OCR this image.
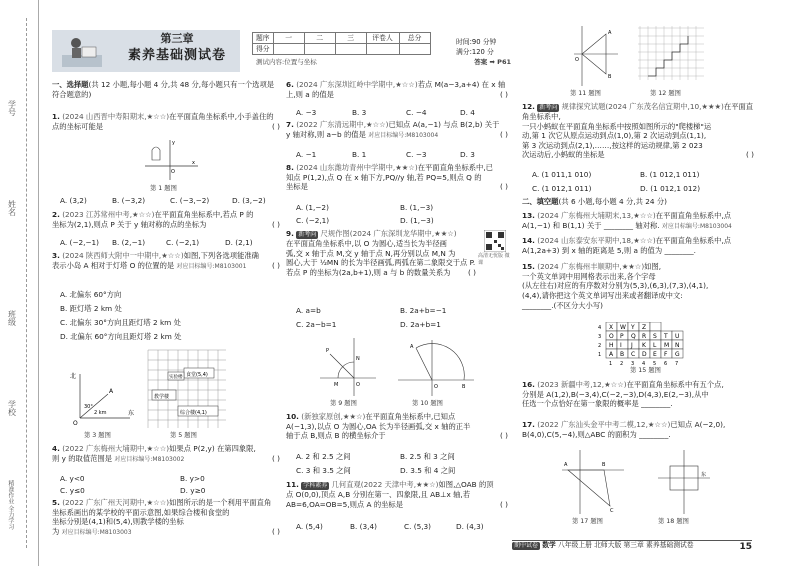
学号
姓名
班级
学校
精准作业 全力学习
第三章
素养基础测试卷
题序	一	二	三	评卷人	总分
得分					
时间:90 分钟
满分:120 分
测试内容:位置与坐标	答案 ➡ P61
一、选择题(共 12 小题,每小题 4 分,共 48 分,每小题只有一个选项是符合题意的)
1. (2024 山西晋中寿阳期末,★☆☆)在平面直角坐标系中,小手盖住的点的坐标可能是	( )
x
y
O
第 1 题图
A. (3,2)	B. (−3,2)	C. (−3,−2)	D. (3,−2)
2. (2023 江苏常州中考,★☆☆)在平面直角坐标系中,若点 P 的
坐标为(2,1),则点 P 关于 y 轴对称的点的坐标为	( )
A. (−2,−1) B. (2,−1)	C. (−2,1)	D. (2,1)
3. (2024 陕西师大附中一中期中,★☆☆)如图,下列各选项能准确
表示小岛 A 相对于灯塔 O 的位置的是 对应目标编号:M8103001	( )
A. 北偏东 60°方向
B. 距灯塔 2 km 处
C. 北偏东 30°方向且距灯塔 2 km 处
D. 北偏东 60°方向且距灯塔 2 km 处
北
东
30°
2 km
A
O
第 3 题图
食堂(5,4)
教学楼
实验楼
综合楼(4,1)
第 5 题图
4. (2022 广东梅州大埔期中,★☆☆)如果点 P(2,y) 在第四象限,
则 y 的取值范围是 对应目标编号:M8103002	( )
A. y<0	B. y>0
C. y≤0	D. y≥0
5. (2022 广东广州天河期中,★☆☆)如图所示的是一个利用平面直角
坐标系画出的某学校的平面示意图,如果综合楼和食堂的
坐标分别是(4,1)和(5,4),则教学楼的坐标
为 对应目标编号:M8103003	( )
6. (2024 广东深圳红岭中学期中,★☆☆)若点 M(a−3,a+4) 在 x 轴
上,则 a 的值是	( )
A. −3	B. 3	C. −4	D. 4
7. (2022 广东清远期中,★☆☆)已知点 A(a,−1) 与点 B(2,b) 关于
y 轴对称,则 a−b 的值是 对应目标编号:M8103004	( )
A. −1	B. 1	C. −3	D. 3
8. (2024 山东潍坊青州中学期中,★★☆)在平面直角坐标系中,已
知点 P(1,2),点 Q 在 x 轴下方,PQ//y 轴,若 PQ=5,则点 Q 的
坐标是	( )
A. (1,−2)	B. (1,−3)
C. (−2,1)	D. (1,−3)
9. 新考向 尺规作图(2024 广东深圳龙华期中,★★☆)
在平面直角坐标系中,以 O 为圆心,适当长为半径画
弧,交 x 轴于点 M,交 y 轴于点 N,再分别以点 M,N 为
圆心,大于 ½MN 的长为半径画弧,两弧在第二象限交于点 P.
若点 P 的坐标为(2a,b+1),则 a 与 b 的数量关系为 ( )
高清无忧版 微课
A. a=b	B. 2a+b=−1
C. 2a−b=1	D. 2a+b=1
P
M
N
O
第 9 题图
A
B
O
第 10 题图
10. (新独家原创,★★☆)在平面直角坐标系中,已知点
A(−1,3),以点 O 为圆心,OA 长为半径画弧,交 x 轴的正半
轴于点 B,则点 B 的横坐标介于	( )
A. 2 和 2.5 之间	B. 2.5 和 3 之间
C. 3 和 3.5 之间	D. 3.5 和 4 之间
11. 学科素养 几何直观(2022 天津中考,★★☆)如图,△OAB 的顶
点 O(0,0),顶点 A,B 分别在第一、四象限,且 AB⊥x 轴,若
AB=6,OA=OB=5,则点 A 的坐标是	( )
A. (5,4)	B. (3,4)	C. (5,3)	D. (4,3)
A
B
O
第 11 题图	第 12 题图
12. 新考向 规律探究试题(2024 广东茂名信宜期中,10,★★★)在平面直角坐标系中,
一只小蚂蚁在平面直角坐标系中按照如图所示的"爬楼梯"运
动,第 1 次它从原点运动到点(1,0),第 2 次运动到点(1,1),
第 3 次运动到点(2,1),……,按这样的运动规律,第 2 023
次运动后,小蚂蚁的坐标是	( )
A. (1 011,1 010)	B. (1 012,1 011)
C. (1 012,1 011)	D. (1 012,1 012)
二、填空题(共 6 小题,每小题 4 分,共 24 分)
13. (2024 广东梅州大埔期末,13,★☆☆)在平面直角坐标系中,点
A(1,−1) 和 B(1,1) 关于 ________ 轴对称. 对应目标编号:M8103004
14. (2024 山东泰安东平期中,18,★☆☆)在平面直角坐标系中,点
A(1,2a+3) 到 x 轴的距离是 5,则 a 的值为 ________.
15. (2024 广东梅州丰顺期中,★★☆)如图,
一个英文单词中用网格表示出来,各个字母
(从左往右)对应的有序数对分别为(5,3),(6,3),(7,3),(4,1),
(4,4),请你把这个英文单词写出来或者翻译成中文:
________.(不区分大小写)
X W Y Z
4
O P Q R S T U
3
H I J K L M N
2
A B C D E F G
1
1 2 3 4 5 6 7
第 15 题图
16. (2023 新疆中考,12,★☆☆)在平面直角坐标系中有五个点,
分别是 A(1,2),B(−3,4),C(−2,−3),D(4,3),E(2,−3),从中
任选一个点恰好在第一象限的概率是 ________.
17. (2022 广东汕头金平中考二模,12,★☆☆)已知点 A(−2,0),
B(4,0),C(5,−4),则△ABC 的面积为 ________.
A	B
C
第 17 题图
东
第 18 题图
期中试卷 数学 八年级上册 北师大版 第三章 素养基础测试卷	15
